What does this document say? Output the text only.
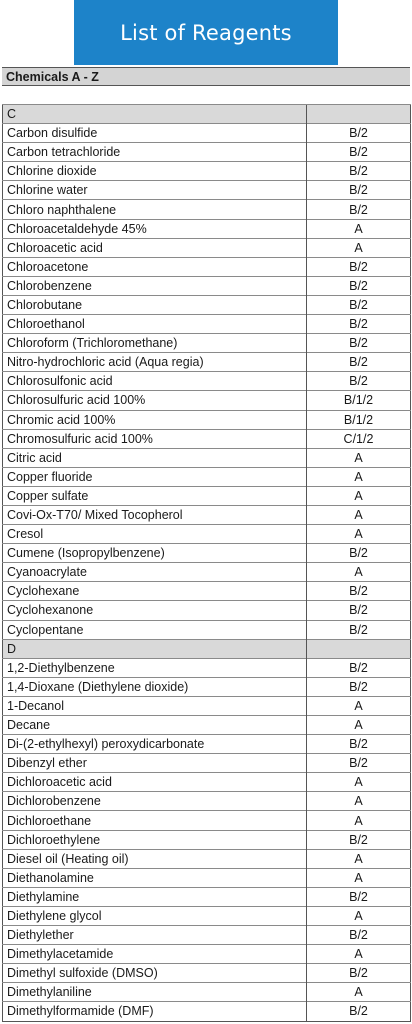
List of Reagents
Chemicals A - Z
C	
Carbon disulfide	B/2
Carbon tetrachloride	B/2
Chlorine dioxide	B/2
Chlorine water	B/2
Chloro naphthalene	B/2
Chloroacetaldehyde 45%	A
Chloroacetic acid	A
Chloroacetone	B/2
Chlorobenzene	B/2
Chlorobutane	B/2
Chloroethanol	B/2
Chloroform (Trichloromethane)	B/2
Nitro-hydrochloric acid (Aqua regia)	B/2
Chlorosulfonic acid	B/2
Chlorosulfuric acid 100%	B/1/2
Chromic acid 100%	B/1/2
Chromosulfuric acid 100%	C/1/2
Citric acid	A
Copper fluoride	A
Copper sulfate	A
Covi-Ox-T70/ Mixed Tocopherol	A
Cresol	A
Cumene (Isopropylbenzene)	B/2
Cyanoacrylate	A
Cyclohexane	B/2
Cyclohexanone	B/2
Cyclopentane	B/2
D	
1,2-Diethylbenzene	B/2
1,4-Dioxane (Diethylene dioxide)	B/2
1-Decanol	A
Decane	A
Di-(2-ethylhexyl) peroxydicarbonate	B/2
Dibenzyl ether	B/2
Dichloroacetic acid	A
Dichlorobenzene	A
Dichloroethane	A
Dichloroethylene	B/2
Diesel oil (Heating oil)	A
Diethanolamine	A
Diethylamine	B/2
Diethylene glycol	A
Diethylether	B/2
Dimethylacetamide	A
Dimethyl sulfoxide (DMSO)	B/2
Dimethylaniline	A
Dimethylformamide (DMF)	B/2
